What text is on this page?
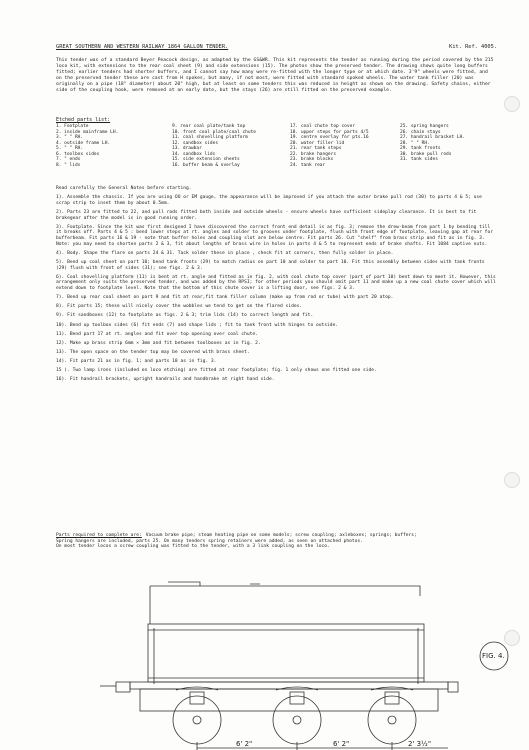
GREAT SOUTHERN AND WESTERN RAILWAY 1864 GALLON TENDER.	Kit. Ref. 4005.

This tender was of a standard Beyer Peacock design, as adapted by the GS&WR. This kit represents the tender as running during the period covered by the 215 loco kit, with extensions to the rear coal sheet (9) and side extensions (15). The photos show the preserved tender. The drawing shows quite long buffers fitted; earlier tenders had shorter buffers, and I cannot say how many were re-fitted with the longer type or at which date. 3'9" wheels were fitted, and on the preserved tender these are cast from H spokes, but many, if not most, were fitted with standard spoked wheels. The water tank filler (20) was originally on a pipe (18" diameter) about 20" high, but at least on some tenders this was reduced in height as shown on the drawing. Safety chains, either side of the coupling hook, were removed at an early date, but the stays (26) are still fitted on the preserved example.

Etched parts list:
1. Footplate
2. inside mainframe LH.
3. " " RH.
4. outside frame LH.
5. " " RH.
6. toolbox sides
7. " ends
8. " lids
9. rear coal plate/tank top
10. front coal plate/coal chute
11. coal shovelling platform
12. sandbox sides
13. drawbar
14. sandbox lids
15. side extension sheets
16. buffer beam & overlay
17. coal chute top cover
18. upper steps for parts 4/5
19. centre overlay for pts.16
20. water filler lid
21. rear tank steps
22. brake hangers
23. brake blocks
24. tank rear
25. spring hangers
26. chain stays
27. handrail bracket LH.
28. " " RH.
29. tank fronts
30. brake pull rods
31. tank sides

Read carefully the General Notes before starting.

1). Assemble the chassis. If you are using OO or EM gauge, the appearance will be improved if you attach the outer brake pull rod (30) to parts 4 & 5; use scrap strip to inset them by about 0.5mm.

2). Parts 23 are fitted to 22, and pull rods fitted both inside and outside wheels - ensure wheels have sufficient sideplay clearance. It is best to fit brakegear after the model is in good running order.

3). Footplate. Since the kit was first designed I have discovered the correct front end detail is as fig. 3; remove the drew-beam from part 1 by bending till it breaks off. Parts 4 & 5 : bend lower steps at rt. angles and solder to grooves under footplate, flush with front edge of footplate, leaving gap at rear for bufferbeam. Fit parts 16 & 19 - note that buffer holes and coupling slot are below centre. Fit parts 26. Cut "shelf" from brass strip and fit as in fig. 3. Note: you may need to shorten parts 2 & 3, fit about lengths of brass wire in holes in parts 4 & 5 to represent ends of brake shafts. Fit 1084 captive nuts.

4). Body. Shape the flare on parts 24 & 31. Tack solder these in place , check fit at corners, then fully solder in place.

5). Bend up coal sheet on part 10; bend tank fronts (29) to match radius on part 10 and solder to part 10. Fit this assembly between sides with tank fronts (29) flush with front of sides (31); see figs. 2 & 3.

6). Coal shovelling platform (11) is bent at rt. angle and fitted as in fig. 2, with coal chute top cover (part of part 10) bent down to meet it. However, this arrangement only suits the preserved tender, and was added by the RPSI; for other periods you should omit part 11 and make up a new coal chute cover which will extend down to footplate level. Note that the bottom of this chute cover is a lifting door, see figs. 2 & 3.

7). Bend up rear coal sheet on part 9 and fit at rear,fit tank filler column (make up from rod or tube) with part 20 atop.

8). Fit parts 15; these will nicely cover the wobbles we tend to get on the flared sides.

9). Fit sandboxes (12) to footplate as figs. 2 & 3; trim lids (14) to correct length and fit.

10). Bend up toolbox sides (6) fit ends (7) and shape lids ; fit to tank front with hinges to outside.

11). Bend part 17 at rt. angles and fit over top opening over coal chute.

12). Make up brass strip 6mm × 3mm and fit between toolboxes as in fig. 2.

13). The open space on the tender top may be covered with brass sheet.

14). Fit parts 21 as in fig. 1; and parts 18 as in fig. 3.

15 ). Two lamp irons (included on loco etching) are fitted at rear footplate; fig. 1 only shows one fitted one side.

16). Fit handrail brackets, upright handrails and handbrake at right hand side.

Parts required to complete are: Vacuum brake pipe; steam heating pipe on some models; screw coupling; axleboxes; springs; buffers;

Spring hangers are included, parts 25. On many tenders spring retainers were added, as seen on attached photos.

On most tender locos a screw coupling was fitted to the tender, with a 3 link coupling on the loco.

FIG. 4.
6' 2"	6' 2"	2' 3½"
